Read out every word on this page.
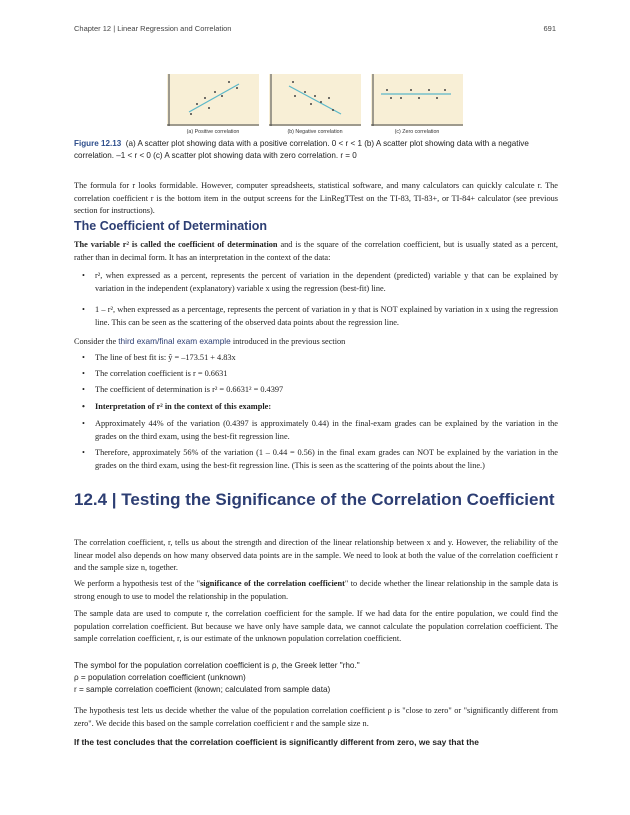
Chapter 12 | Linear Regression and Correlation	691
(a) Positive correlation	(b) Negative correlation	(c) Zero correlation
Figure 12.13 (a) A scatter plot showing data with a positive correlation. 0 < r < 1 (b) A scatter plot showing data with a negative correlation. –1 < r < 0 (c) A scatter plot showing data with zero correlation. r = 0
The formula for r looks formidable. However, computer spreadsheets, statistical software, and many calculators can quickly calculate r. The correlation coefficient r is the bottom item in the output screens for the LinRegTTest on the TI-83, TI-83+, or TI-84+ calculator (see previous section for instructions).
The Coefficient of Determination
The variable r² is called the coefficient of determination and is the square of the correlation coefficient, but is usually stated as a percent, rather than in decimal form. It has an interpretation in the context of the data:
• r², when expressed as a percent, represents the percent of variation in the dependent (predicted) variable y that can be explained by variation in the independent (explanatory) variable x using the regression (best-fit) line.
• 1 – r², when expressed as a percentage, represents the percent of variation in y that is NOT explained by variation in x using the regression line. This can be seen as the scattering of the observed data points about the regression line.
Consider the third exam/final exam example introduced in the previous section
• The line of best fit is: ŷ = –173.51 + 4.83x
• The correlation coefficient is r = 0.6631
• The coefficient of determination is r² = 0.6631² = 0.4397
• Interpretation of r² in the context of this example:
• Approximately 44% of the variation (0.4397 is approximately 0.44) in the final-exam grades can be explained by the variation in the grades on the third exam, using the best-fit regression line.
• Therefore, approximately 56% of the variation (1 – 0.44 = 0.56) in the final exam grades can NOT be explained by the variation in the grades on the third exam, using the best-fit regression line. (This is seen as the scattering of the points about the line.)
12.4 | Testing the Significance of the Correlation Coefficient
The correlation coefficient, r, tells us about the strength and direction of the linear relationship between x and y. However, the reliability of the linear model also depends on how many observed data points are in the sample. We need to look at both the value of the correlation coefficient r and the sample size n, together.
We perform a hypothesis test of the "significance of the correlation coefficient" to decide whether the linear relationship in the sample data is strong enough to use to model the relationship in the population.
The sample data are used to compute r, the correlation coefficient for the sample. If we had data for the entire population, we could find the population correlation coefficient. But because we have only have sample data, we cannot calculate the population correlation coefficient. The sample correlation coefficient, r, is our estimate of the unknown population correlation coefficient.
The symbol for the population correlation coefficient is ρ, the Greek letter "rho."
ρ = population correlation coefficient (unknown)
r = sample correlation coefficient (known; calculated from sample data)
The hypothesis test lets us decide whether the value of the population correlation coefficient ρ is "close to zero" or "significantly different from zero". We decide this based on the sample correlation coefficient r and the sample size n.
If the test concludes that the correlation coefficient is significantly different from zero, we say that the
